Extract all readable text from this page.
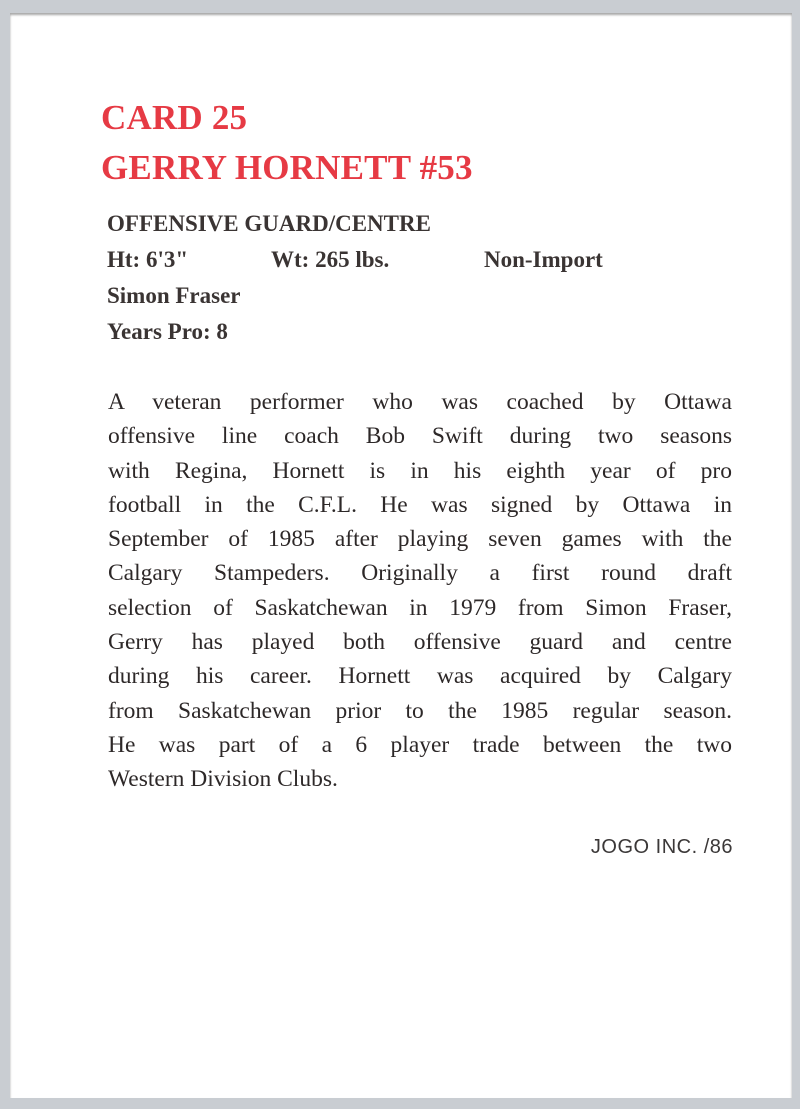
CARD 25
GERRY HORNETT #53
OFFENSIVE GUARD/CENTRE
Ht: 6'3"	Wt: 265 lbs.	Non-Import
Simon Fraser
Years Pro: 8
A veteran performer who was coached by Ottawa
offensive line coach Bob Swift during two seasons
with Regina, Hornett is in his eighth year of pro
football in the C.F.L. He was signed by Ottawa in
September of 1985 after playing seven games with the
Calgary Stampeders. Originally a first round draft
selection of Saskatchewan in 1979 from Simon Fraser,
Gerry has played both offensive guard and centre
during his career. Hornett was acquired by Calgary
from Saskatchewan prior to the 1985 regular season.
He was part of a 6 player trade between the two
Western Division Clubs.
JOGO INC. /86
